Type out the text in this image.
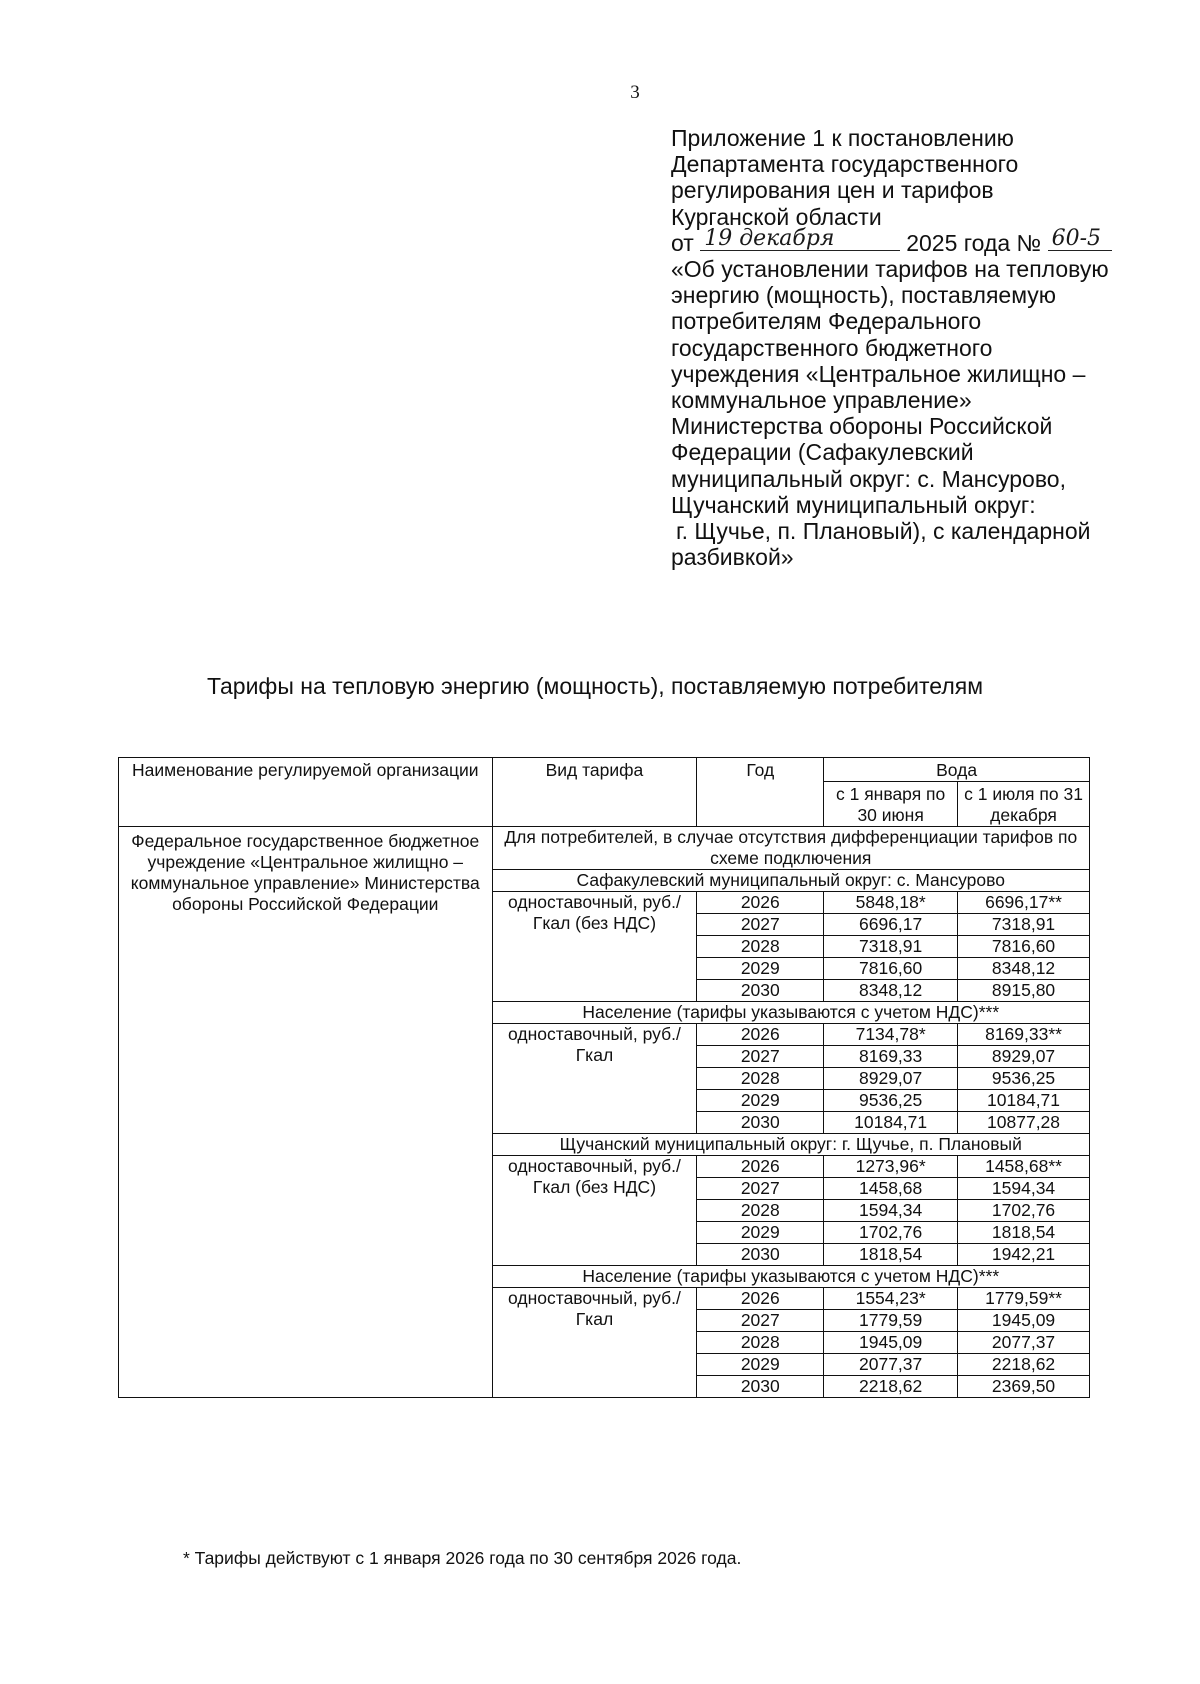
3
Приложение 1 к постановлению
Департамента государственного
регулирования цен и тарифов
Курганской области
от 19 декабря	2025 года № 60-5
«Об установлении тарифов на тепловую
энергию (мощность), поставляемую
потребителям Федерального
государственного бюджетного
учреждения «Центральное жилищно –
коммунальное управление»
Министерства обороны Российской
Федерации (Сафакулевский
муниципальный округ: с. Мансурово,
Щучанский муниципальный округ:
г. Щучье, п. Плановый), с календарной
разбивкой»
Тарифы на тепловую энергию (мощность), поставляемую потребителям
Наименование регулируемой организации	Вид тарифа	Год	Вода	
			с 1 января по 30 июня	с 1 июля по 31 декабря
Федеральное государственное бюджетное учреждение «Центральное жилищно – коммунальное управление» Министерства обороны Российской Федерации	Для потребителей, в случае отсутствия дифференциации тарифов по схеме подключения			
	Сафакулевский муниципальный округ: с. Мансурово			
	одноставочный, руб./Гкал (без НДС)	2026	5848,18*	6696,17**
		2027	6696,17	7318,91
		2028	7318,91	7816,60
		2029	7816,60	8348,12
		2030	8348,12	8915,80
	Население (тарифы указываются с учетом НДС)***			
	одноставочный, руб./Гкал	2026	7134,78*	8169,33**
		2027	8169,33	8929,07
		2028	8929,07	9536,25
		2029	9536,25	10184,71
		2030	10184,71	10877,28
	Щучанский муниципальный округ: г. Щучье, п. Плановый			
	одноставочный, руб./Гкал (без НДС)	2026	1273,96*	1458,68**
		2027	1458,68	1594,34
		2028	1594,34	1702,76
		2029	1702,76	1818,54
		2030	1818,54	1942,21
	Население (тарифы указываются с учетом НДС)***			
	одноставочный, руб./Гкал	2026	1554,23*	1779,59**
		2027	1779,59	1945,09
		2028	1945,09	2077,37
		2029	2077,37	2218,62
		2030	2218,62	2369,50
* Тарифы действуют с 1 января 2026 года по 30 сентября 2026 года.
